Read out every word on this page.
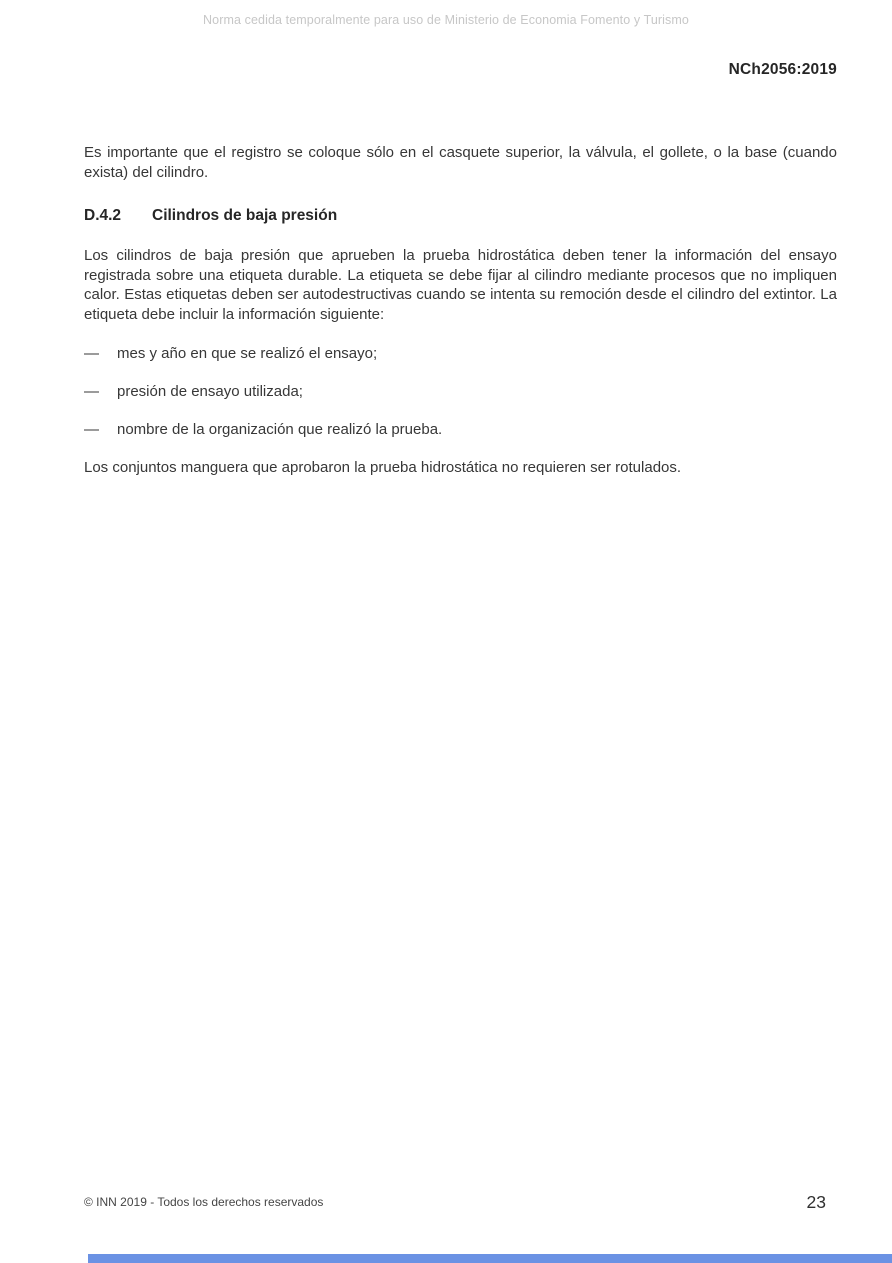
Norma cedida temporalmente para uso de Ministerio de Economia Fomento y Turismo
NCh2056:2019

Es importante que el registro se coloque sólo en el casquete superior, la válvula, el gollete, o la base (cuando exista) del cilindro.

D.4.2	Cilindros de baja presión

Los cilindros de baja presión que aprueben la prueba hidrostática deben tener la información del ensayo registrada sobre una etiqueta durable. La etiqueta se debe fijar al cilindro mediante procesos que no impliquen calor. Estas etiquetas deben ser autodestructivas cuando se intenta su remoción desde el cilindro del extintor. La etiqueta debe incluir la información siguiente:

—	mes y año en que se realizó el ensayo;
—	presión de ensayo utilizada;
—	nombre de la organización que realizó la prueba.

Los conjuntos manguera que aprobaron la prueba hidrostática no requieren ser rotulados.

© INN 2019 - Todos los derechos reservados	23
